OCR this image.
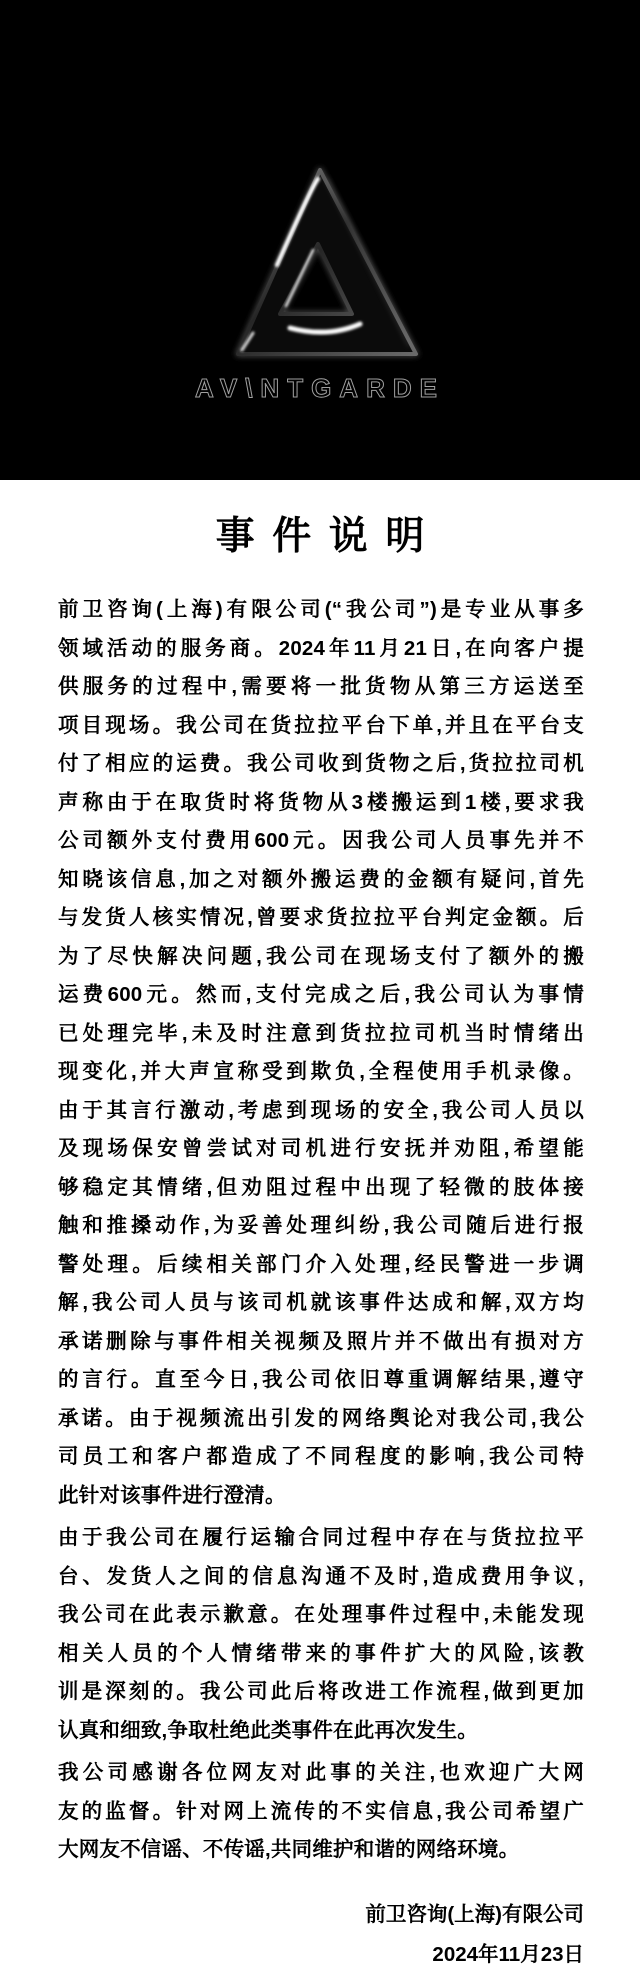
AV\NTGARDE
事件说明
前卫咨询(上海)有限公司(“我公司”)是专业从事多
领域活动的服务商。2024年11月21日,在向客户提
供服务的过程中,需要将一批货物从第三方运送至
项目现场。我公司在货拉拉平台下单,并且在平台支
付了相应的运费。我公司收到货物之后,货拉拉司机
声称由于在取货时将货物从3楼搬运到1楼,要求我
公司额外支付费用600元。因我公司人员事先并不
知晓该信息,加之对额外搬运费的金额有疑问,首先
与发货人核实情况,曾要求货拉拉平台判定金额。后
为了尽快解决问题,我公司在现场支付了额外的搬
运费600元。然而,支付完成之后,我公司认为事情
已处理完毕,未及时注意到货拉拉司机当时情绪出
现变化,并大声宣称受到欺负,全程使用手机录像。
由于其言行激动,考虑到现场的安全,我公司人员以
及现场保安曾尝试对司机进行安抚并劝阻,希望能
够稳定其情绪,但劝阻过程中出现了轻微的肢体接
触和推搡动作,为妥善处理纠纷,我公司随后进行报
警处理。后续相关部门介入处理,经民警进一步调
解,我公司人员与该司机就该事件达成和解,双方均
承诺删除与事件相关视频及照片并不做出有损对方
的言行。直至今日,我公司依旧尊重调解结果,遵守
承诺。由于视频流出引发的网络舆论对我公司,我公
司员工和客户都造成了不同程度的影响,我公司特
此针对该事件进行澄清。
由于我公司在履行运输合同过程中存在与货拉拉平
台、发货人之间的信息沟通不及时,造成费用争议,
我公司在此表示歉意。在处理事件过程中,未能发现
相关人员的个人情绪带来的事件扩大的风险,该教
训是深刻的。我公司此后将改进工作流程,做到更加
认真和细致,争取杜绝此类事件在此再次发生。
我公司感谢各位网友对此事的关注,也欢迎广大网
友的监督。针对网上流传的不实信息,我公司希望广
大网友不信谣、不传谣,共同维护和谐的网络环境。
前卫咨询(上海)有限公司
2024年11月23日
